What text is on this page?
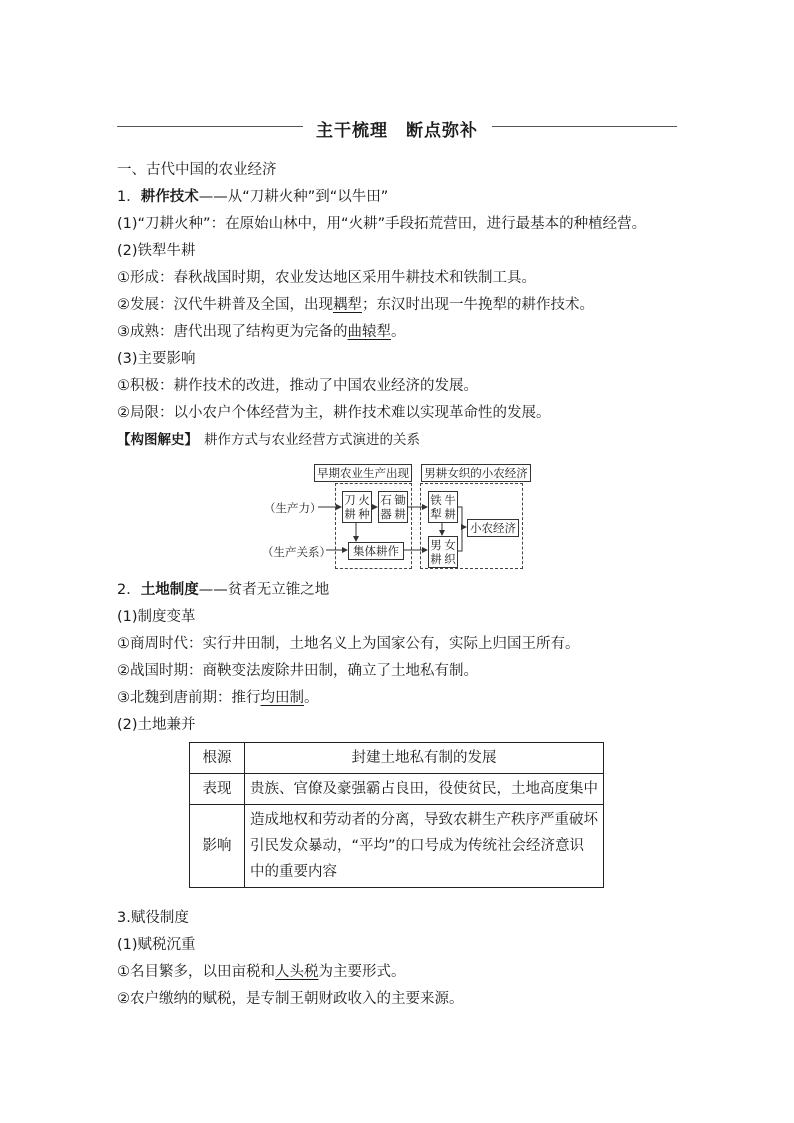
主干梳理　断点弥补
一、古代中国的农业经济
1．耕作技术——从“刀耕火种”到“以牛田”
(1)“刀耕火种”：在原始山林中，用“火耕”手段拓荒营田，进行最基本的种植经营。
(2)铁犁牛耕
①形成：春秋战国时期，农业发达地区采用牛耕技术和铁制工具。
②发展：汉代牛耕普及全国，出现耦犁；东汉时出现一牛挽犁的耕作技术。
③成熟：唐代出现了结构更为完备的曲辕犁。
(3)主要影响
①积极：耕作技术的改进，推动了中国农业经济的发展。
②局限：以小农户个体经营为主，耕作技术难以实现革命性的发展。
【构图解史】 耕作方式与农业经营方式演进的关系
早期农业生产出现 男耕女织的小农经济
（生产力）
（生产关系）
刀耕

火种
石器

锄耕
集体耕作
铁犁

牛耕
男耕

女织
小农经济
2．土地制度——贫者无立锥之地
(1)制度变革
①商周时代：实行井田制，土地名义上为国家公有，实际上归国王所有。
②战国时期：商鞅变法废除井田制，确立了土地私有制。
③北魏到唐前期：推行均田制。
(2)土地兼并
根源	封建土地私有制的发展
表现	贵族、官僚及豪强霸占良田，役使贫民，土地高度集中
影响	造成地权和劳动者的分离，导致农耕生产秩序严重破坏
引民发众暴动，“平均”的口号成为传统社会经济意识中的重要内容
3.赋役制度
(1)赋税沉重
①名目繁多，以田亩税和人头税为主要形式。
②农户缴纳的赋税，是专制王朝财政收入的主要来源。
